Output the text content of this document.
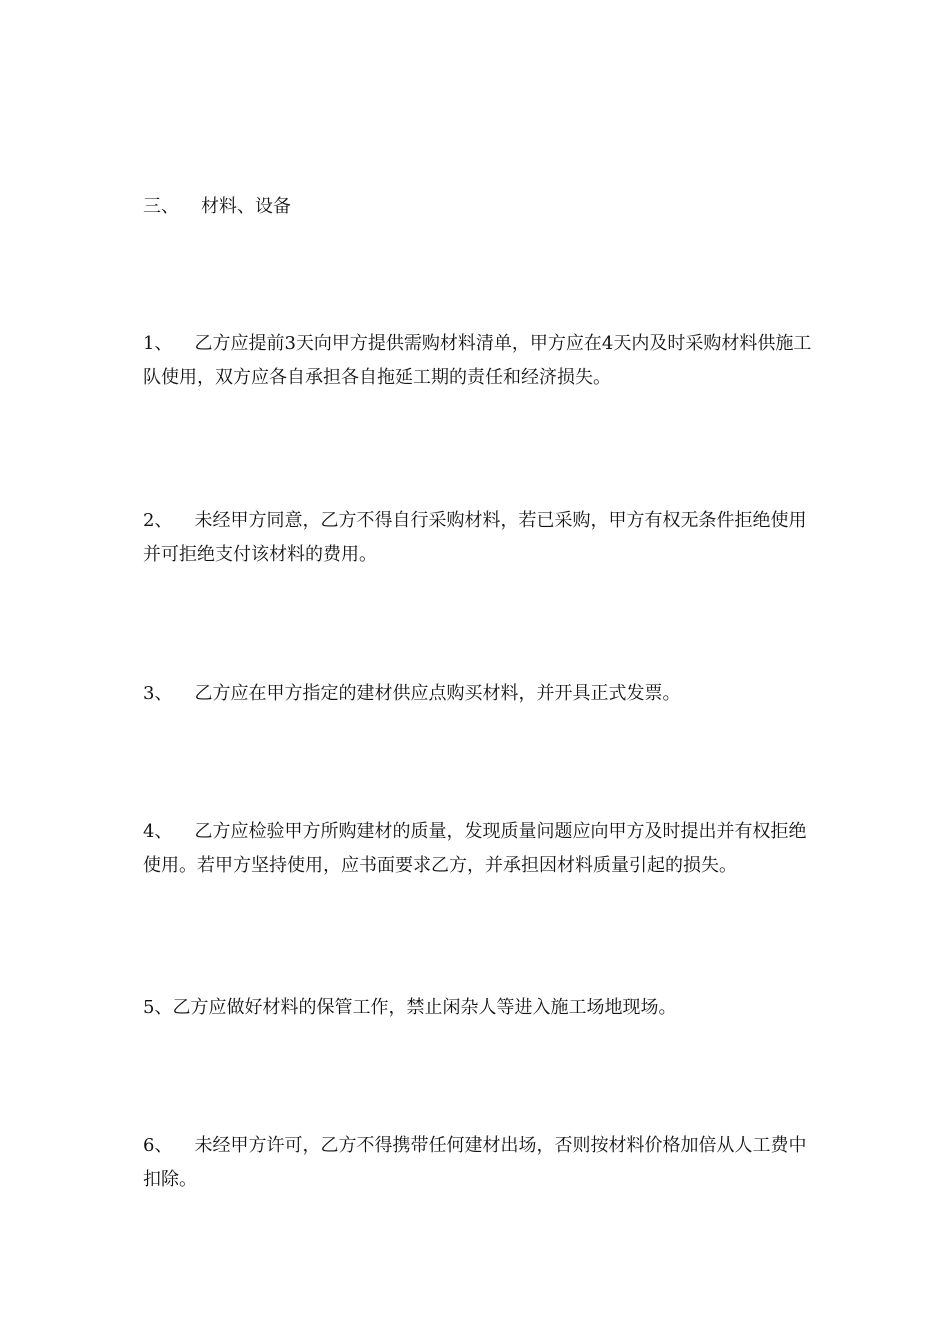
三、 材料、设备
1、 乙方应提前3天向甲方提供需购材料清单，甲方应在4天内及时采购材料供施工队使用，双方应各自承担各自拖延工期的责任和经济损失。
2、 未经甲方同意，乙方不得自行采购材料，若已采购，甲方有权无条件拒绝使用并可拒绝支付该材料的费用。
3、 乙方应在甲方指定的建材供应点购买材料，并开具正式发票。
4、 乙方应检验甲方所购建材的质量，发现质量问题应向甲方及时提出并有权拒绝使用。若甲方坚持使用，应书面要求乙方，并承担因材料质量引起的损失。
5、乙方应做好材料的保管工作，禁止闲杂人等进入施工场地现场。
6、 未经甲方许可，乙方不得携带任何建材出场，否则按材料价格加倍从人工费中扣除。
